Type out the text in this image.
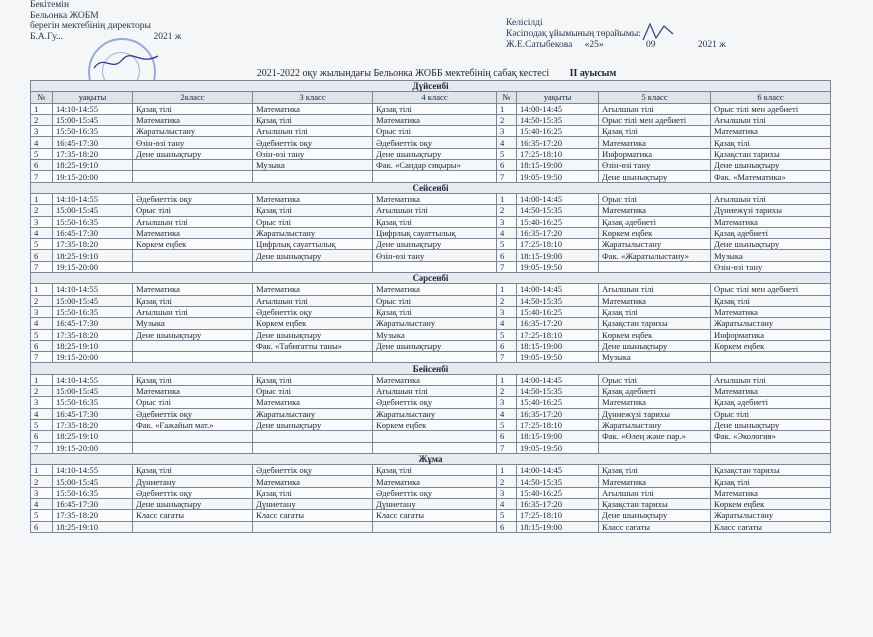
Бекітемін
Бельонка ЖОБМ
берегін мектебінің директоры
Б.А.Гу...	2021 ж
Келісілді
Кәсіподақ ұйымының төрайымы:
Ж.Е.Сатыбекова «25»	09	2021 ж
2021-2022 оқу жылындағы Бельонка ЖОББ мектебінің сабақ кестесі ІІ ауысым
Дүйсенбі								
№	уақыты	2класс	3 класс	4 класс	№	уақыты	5 класс	6 класс
1	14:10-14:55	Қазақ тілі	Математика	Қазақ тілі	1	14:00-14:45	Ағылшын тілі	Орыс тілі мен әдебиеті
2	15:00-15:45	Математика	Қазақ тілі	Математика	2	14:50-15:35	Орыс тілі мен әдебиеті	Ағылшын тілі
3	15:50-16:35	Жаратылыстану	Ағылшын тілі	Орыс тілі	3	15:40-16:25	Қазақ тілі	Математика
4	16:45-17:30	Өзін-өзі тану	Әдебиеттік оқу	Әдебиеттік оқу	4	16:35-17:20	Математика	Қазақ тілі
5	17:35-18:20	Дене шынықтыру	Өзін-өзі тану	Дене шынықтыру	5	17:25-18:10	Информатика	Қазақстан тарихы
6	18:25-19:10		Музыка	Фак. «Сандар сиқыры»	6	18:15-19:00	Өзін-өзі тану	Дене шынықтыру
7	19:15-20:00				7	19:05-19:50	Дене шынықтыру	Фак. «Математика»
Сейсенбі								
1	14:10-14:55	Әдебиеттік оқу	Математика	Математика	1	14:00-14:45	Орыс тілі	Ағылшын тілі
2	15:00-15:45	Орыс тілі	Қазақ тілі	Ағылшын тілі	2	14:50-15:35	Математика	Дүниежүзі тарихы
3	15:50-16:35	Ағылшын тілі	Орыс тілі	Қазақ тілі	3	15:40-16:25	Қазақ әдебиеті	Математика
4	16:45-17:30	Математика	Жаратылыстану	Цифрлық сауаттылық	4	16:35-17:20	Көркем еңбек	Қазақ әдебиеті
5	17:35-18:20	Көркем еңбек	Цифрлық сауаттылық	Дене шынықтыру	5	17:25-18:10	Жаратылыстану	Дене шынықтыру
6	18:25-19:10		Дене шынықтыру	Өзін-өзі тану	6	18:15-19:00	Фак. «Жаратылыстану»	Музыка
7	19:15-20:00				7	19:05-19:50		Өзін-өзі тану
Сәрсенбі								
1	14:10-14:55	Математика	Математика	Математика	1	14:00-14:45	Ағылшын тілі	Орыс тілі мен әдебиеті
2	15:00-15:45	Қазақ тілі	Ағылшын тілі	Орыс тілі	2	14:50-15:35	Математика	Қазақ тілі
3	15:50-16:35	Ағылшын тілі	Әдебиеттік оқу	Қазақ тілі	3	15:40-16:25	Қазақ тілі	Математика
4	16:45-17:30	Музыка	Көркем еңбек	Жаратылыстану	4	16:35-17:20	Қазақстан тарихы	Жаратылыстану
5	17:35-18:20	Дене шынықтыру	Дене шынықтыру	Музыка	5	17:25-18:10	Көркем еңбек	Информатика
6	18:25-19:10		Фак. «Табиғатты таны»	Дене шынықтыру	6	18:15-19:00	Дене шынықтыру	Көркем еңбек
7	19:15-20:00				7	19:05-19:50	Музыка	
Бейсенбі								
1	14:10-14:55	Қазақ тілі	Қазақ тілі	Математика	1	14:00-14:45	Орыс тілі	Ағылшын тілі
2	15:00-15:45	Математика	Орыс тілі	Ағылшын тілі	2	14:50-15:35	Қазақ әдебиеті	Математика
3	15:50-16:35	Орыс тілі	Математика	Әдебиеттік оқу	3	15:40-16:25	Математика	Қазақ әдебиеті
4	16:45-17:30	Әдебиеттік оқу	Жаратылыстану	Жаратылыстану	4	16:35-17:20	Дүниежүзі тарихы	Орыс тілі
5	17:35-18:20	Фак. «Ғажайып мат.»	Дене шынықтыру	Көркем еңбек	5	17:25-18:10	Жаратылыстану	Дене шынықтыру
6	18:25-19:10				6	18:15-19:00	Фак. «Өлең және пар.»	Фак. «Экология»
7	19:15-20:00				7	19:05-19:50		
Жұма								
1	14:10-14:55	Қазақ тілі	Әдебиеттік оқу	Қазақ тілі	1	14:00-14:45	Қазақ тілі	Қазақстан тарихы
2	15:00-15:45	Дүниетану	Математика	Математика	2	14:50-15:35	Математика	Қазақ тілі
3	15:50-16:35	Әдебиеттік оқу	Қазақ тілі	Әдебиеттік оқу	3	15:40-16:25	Ағылшын тілі	Математика
4	16:45-17:30	Дене шынықтыру	Дүниетану	Дүниетану	4	16:35-17:20	Қазақстан тарихы	Көркем еңбек
5	17:35-18:20	Класс сағаты	Класс сағаты	Класс сағаты	5	17:25-18:10	Дене шынықтыру	Жаратылыстану
6	18:25-19:10				6	18:15-19:00	Класс сағаты	Класс сағаты
